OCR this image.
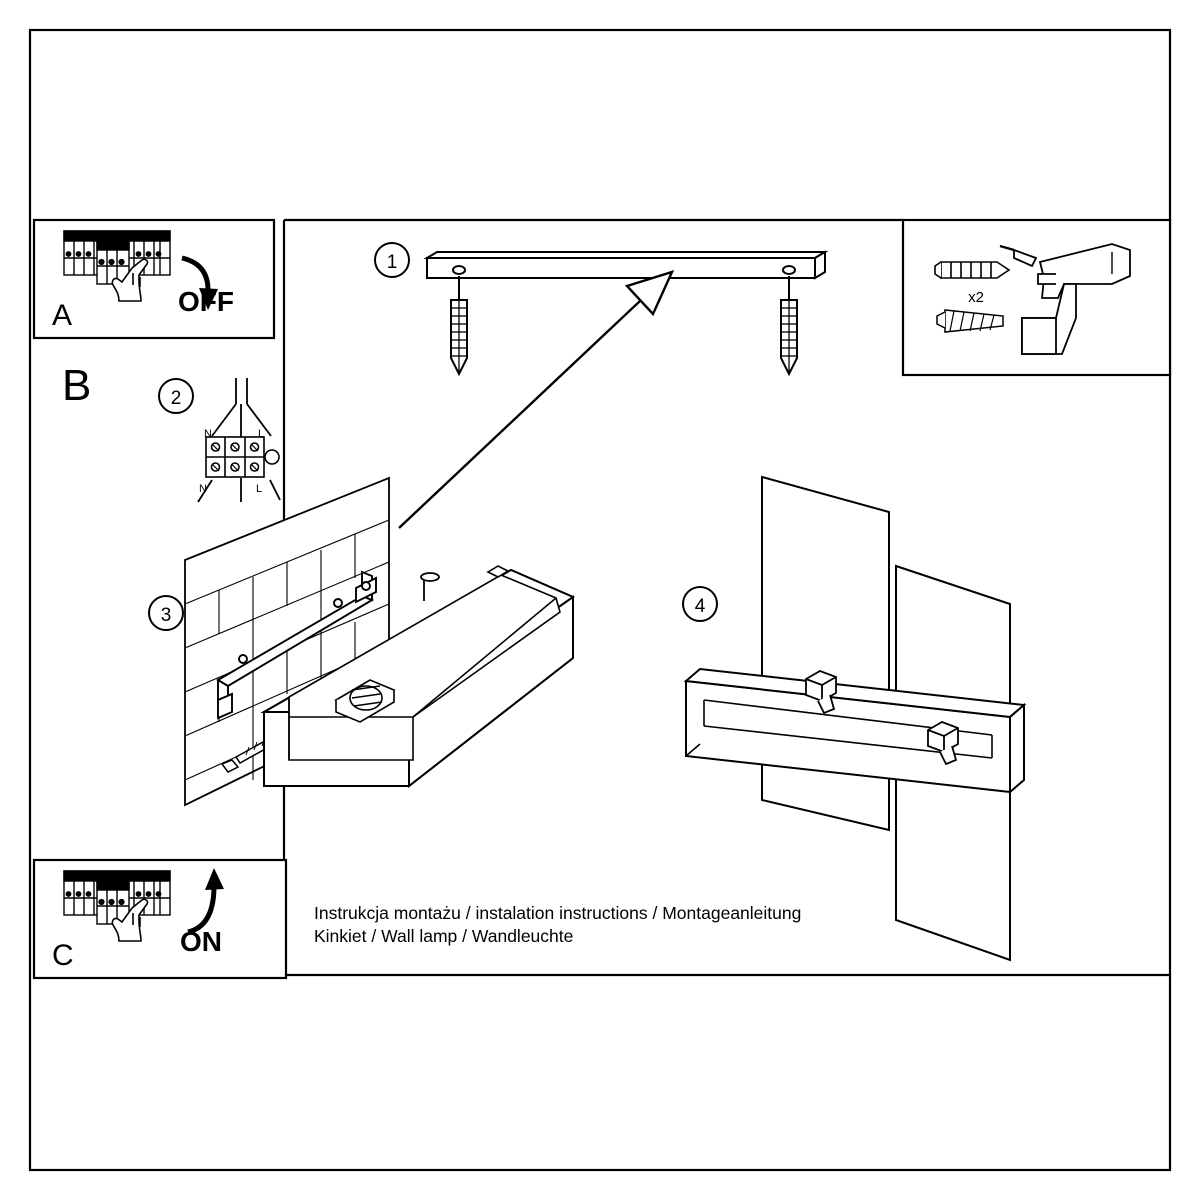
A	OFF	x2
B
1
2
N	L
N	L
3	4
C	ON
Instrukcja montażu / instalation instructions / Montageanleitung
Kinkiet / Wall lamp / Wandleuchte
